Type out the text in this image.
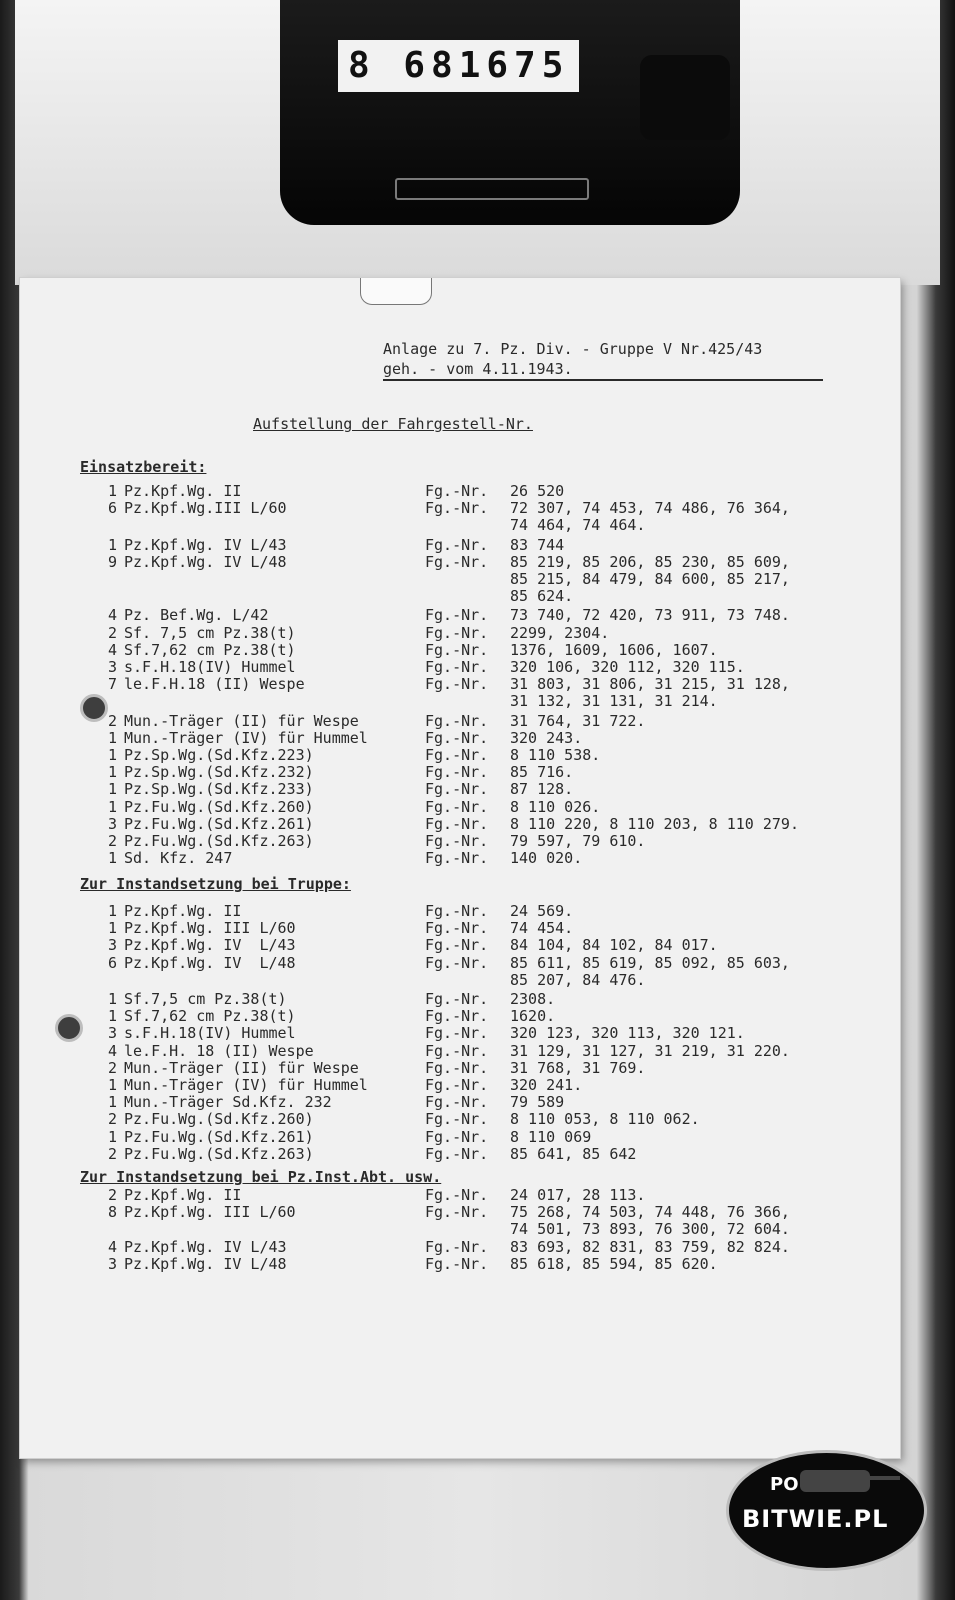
8 681675
Anlage zu 7. Pz. Div. - Gruppe V Nr.425/43
geh. - vom 4.11.1943.
Aufstellung der Fahrgestell-Nr.
Einsatzbereit:
1 Pz.Kpf.Wg. II	Fg.-Nr. 26 520
6 Pz.Kpf.Wg.III L/60	Fg.-Nr. 72 307, 74 453, 74 486, 76 364,
74 464, 74 464.
1 Pz.Kpf.Wg. IV L/43	Fg.-Nr. 83 744
9 Pz.Kpf.Wg. IV L/48	Fg.-Nr. 85 219, 85 206, 85 230, 85 609,
85 215, 84 479, 84 600, 85 217,
85 624.
4 Pz. Bef.Wg. L/42	Fg.-Nr. 73 740, 72 420, 73 911, 73 748.
2 Sf. 7,5 cm Pz.38(t)	Fg.-Nr. 2299, 2304.
4 Sf.7,62 cm Pz.38(t)	Fg.-Nr. 1376, 1609, 1606, 1607.
3 s.F.H.18(IV) Hummel	Fg.-Nr. 320 106, 320 112, 320 115.
7 le.F.H.18 (II) Wespe	Fg.-Nr. 31 803, 31 806, 31 215, 31 128,
31 132, 31 131, 31 214.
2 Mun.-Träger (II) für Wespe	Fg.-Nr. 31 764, 31 722.
1 Mun.-Träger (IV) für Hummel	Fg.-Nr. 320 243.
1 Pz.Sp.Wg.(Sd.Kfz.223)	Fg.-Nr. 8 110 538.
1 Pz.Sp.Wg.(Sd.Kfz.232)	Fg.-Nr. 85 716.
1 Pz.Sp.Wg.(Sd.Kfz.233)	Fg.-Nr. 87 128.
1 Pz.Fu.Wg.(Sd.Kfz.260)	Fg.-Nr. 8 110 026.
3 Pz.Fu.Wg.(Sd.Kfz.261)	Fg.-Nr. 8 110 220, 8 110 203, 8 110 279.
2 Pz.Fu.Wg.(Sd.Kfz.263)	Fg.-Nr. 79 597, 79 610.
1 Sd. Kfz. 247	Fg.-Nr. 140 020.
Zur Instandsetzung bei Truppe:
1 Pz.Kpf.Wg. II	Fg.-Nr. 24 569.
1 Pz.Kpf.Wg. III L/60	Fg.-Nr. 74 454.
3 Pz.Kpf.Wg. IV  L/43	Fg.-Nr. 84 104, 84 102, 84 017.
6 Pz.Kpf.Wg. IV  L/48	Fg.-Nr. 85 611, 85 619, 85 092, 85 603,
85 207, 84 476.
1 Sf.7,5 cm Pz.38(t)	Fg.-Nr. 2308.
1 Sf.7,62 cm Pz.38(t)	Fg.-Nr. 1620.
3 s.F.H.18(IV) Hummel	Fg.-Nr. 320 123, 320 113, 320 121.
4 le.F.H. 18 (II) Wespe	Fg.-Nr. 31 129, 31 127, 31 219, 31 220.
2 Mun.-Träger (II) für Wespe	Fg.-Nr. 31 768, 31 769.
1 Mun.-Träger (IV) für Hummel	Fg.-Nr. 320 241.
1 Mun.-Träger Sd.Kfz. 232	Fg.-Nr. 79 589
2 Pz.Fu.Wg.(Sd.Kfz.260)	Fg.-Nr. 8 110 053, 8 110 062.
1 Pz.Fu.Wg.(Sd.Kfz.261)	Fg.-Nr. 8 110 069
2 Pz.Fu.Wg.(Sd.Kfz.263)	Fg.-Nr. 85 641, 85 642
Zur Instandsetzung bei Pz.Inst.Abt. usw.
2 Pz.Kpf.Wg. II	Fg.-Nr. 24 017, 28 113.
8 Pz.Kpf.Wg. III L/60	Fg.-Nr. 75 268, 74 503, 74 448, 76 366,
74 501, 73 893, 76 300, 72 604.
4 Pz.Kpf.Wg. IV L/43	Fg.-Nr. 83 693, 82 831, 83 759, 82 824.
3 Pz.Kpf.Wg. IV L/48	Fg.-Nr. 85 618, 85 594, 85 620.
PO
BITWIE.PL
